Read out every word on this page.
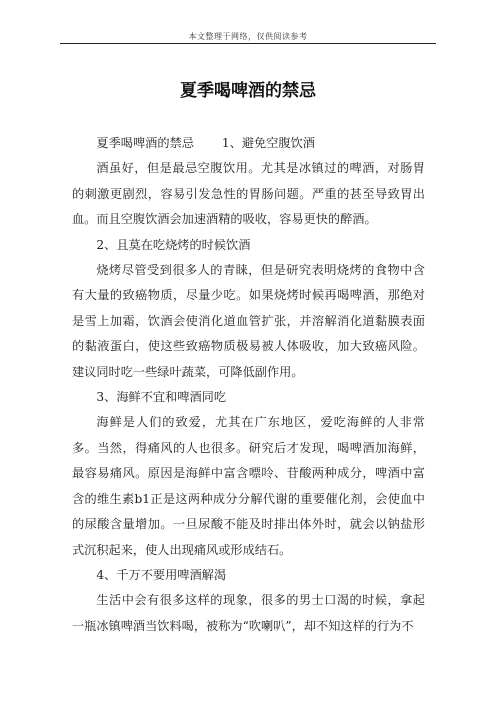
本文整理于网络，仅供阅读参考
夏季喝啤酒的禁忌

夏季喝啤酒的禁忌 1、避免空腹饮酒

酒虽好，但是最忌空腹饮用。尤其是冰镇过的啤酒，对肠胃的刺激更剧烈，容易引发急性的胃肠问题。严重的甚至导致胃出血。而且空腹饮酒会加速酒精的吸收，容易更快的醉酒。

2、且莫在吃烧烤的时候饮酒

烧烤尽管受到很多人的青睐，但是研究表明烧烤的食物中含有大量的致癌物质，尽量少吃。如果烧烤时候再喝啤酒，那绝对是雪上加霜，饮酒会使消化道血管扩张，并溶解消化道黏膜表面的黏液蛋白，使这些致癌物质极易被人体吸收，加大致癌风险。建议同时吃一些绿叶蔬菜，可降低副作用。

3、海鲜不宜和啤酒同吃

海鲜是人们的致爱，尤其在广东地区，爱吃海鲜的人非常多。当然，得痛风的人也很多。研究后才发现，喝啤酒加海鲜，最容易痛风。原因是海鲜中富含嘌呤、苷酸两种成分，啤酒中富含的维生素b1正是这两种成分分解代谢的重要催化剂，会使血中的尿酸含量增加。一旦尿酸不能及时排出体外时，就会以钠盐形式沉积起来，使人出现痛风或形成结石。

4、千万不要用啤酒解渴

生活中会有很多这样的现象，很多的男士口渴的时候，拿起一瓶冰镇啤酒当饮料喝，被称为“吹喇叭”，却不知这样的行为不
